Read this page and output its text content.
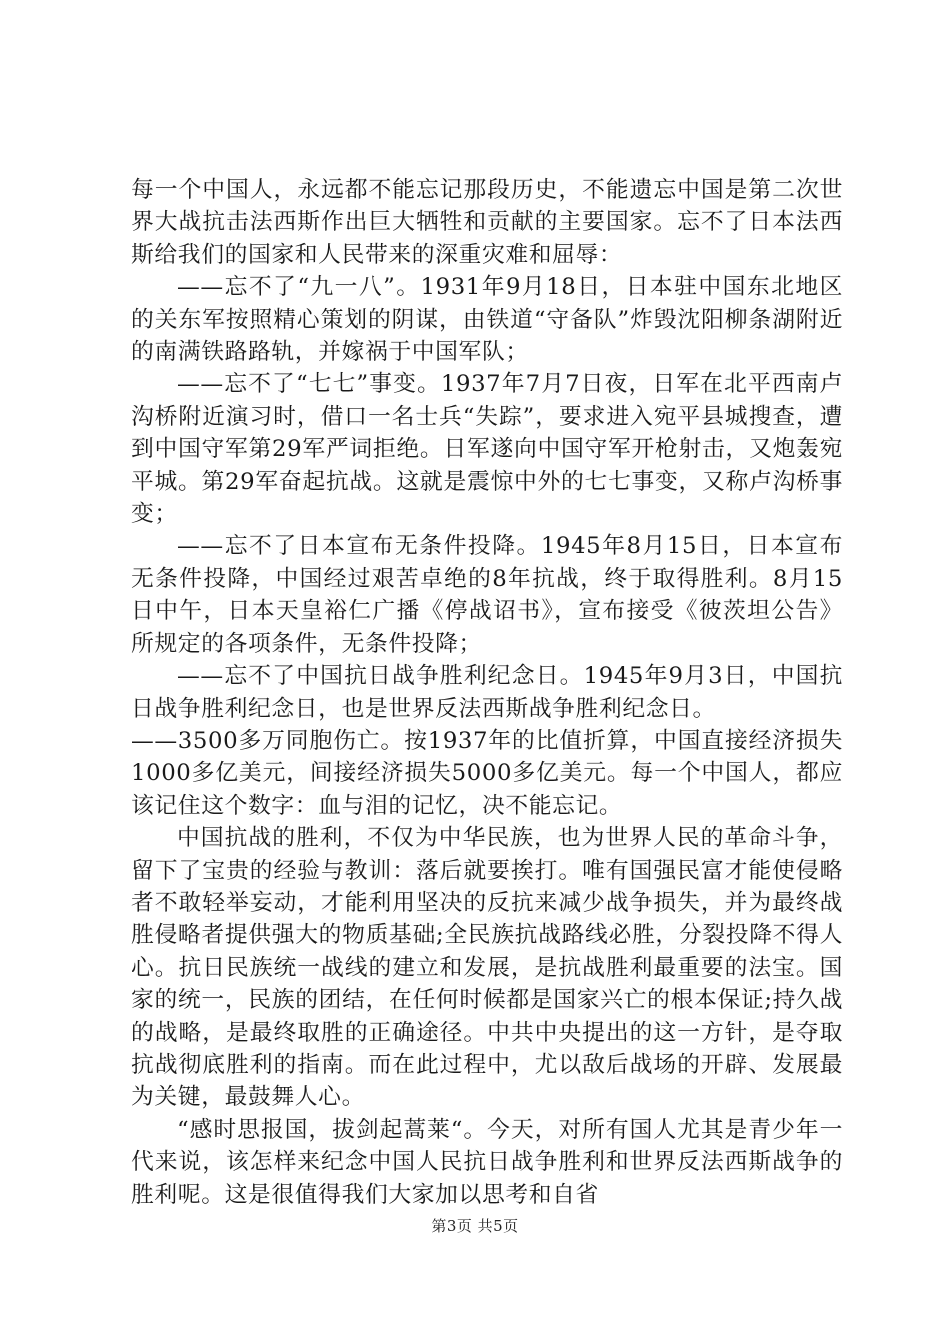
每一个中国人，永远都不能忘记那段历史，不能遗忘中国是第二次世界大战抗击法西斯作出巨大牺牲和贡献的主要国家。忘不了日本法西斯给我们的国家和人民带来的深重灾难和屈辱：

——忘不了“九一八”。1931年9月18日，日本驻中国东北地区的关东军按照精心策划的阴谋，由铁道“守备队”炸毁沈阳柳条湖附近的南满铁路路轨，并嫁祸于中国军队；

——忘不了“七七”事变。1937年7月7日夜，日军在北平西南卢沟桥附近演习时，借口一名士兵“失踪”，要求进入宛平县城搜查，遭到中国守军第29军严词拒绝。日军遂向中国守军开枪射击，又炮轰宛平城。第29军奋起抗战。这就是震惊中外的七七事变，又称卢沟桥事变；

——忘不了日本宣布无条件投降。1945年8月15日，日本宣布无条件投降，中国经过艰苦卓绝的8年抗战，终于取得胜利。8月15日中午，日本天皇裕仁广播《停战诏书》，宣布接受《彼茨坦公告》所规定的各项条件，无条件投降；

——忘不了中国抗日战争胜利纪念日。1945年9月3日，中国抗日战争胜利纪念日，也是世界反法西斯战争胜利纪念日。

——3500多万同胞伤亡。按1937年的比值折算，中国直接经济损失1000多亿美元，间接经济损失5000多亿美元。每一个中国人，都应该记住这个数字：血与泪的记忆，决不能忘记。

中国抗战的胜利，不仅为中华民族，也为世界人民的革命斗争，留下了宝贵的经验与教训：落后就要挨打。唯有国强民富才能使侵略者不敢轻举妄动，才能利用坚决的反抗来减少战争损失，并为最终战胜侵略者提供强大的物质基础;全民族抗战路线必胜，分裂投降不得人心。抗日民族统一战线的建立和发展，是抗战胜利最重要的法宝。国家的统一，民族的团结，在任何时候都是国家兴亡的根本保证;持久战的战略，是最终取胜的正确途径。中共中央提出的这一方针，是夺取抗战彻底胜利的指南。而在此过程中，尤以敌后战场的开辟、发展最为关键，最鼓舞人心。

“感时思报国，拔剑起蒿莱“。今天，对所有国人尤其是青少年一代来说，该怎样来纪念中国人民抗日战争胜利和世界反法西斯战争的胜利呢。这是很值得我们大家加以思考和自省

第3页 共5页
